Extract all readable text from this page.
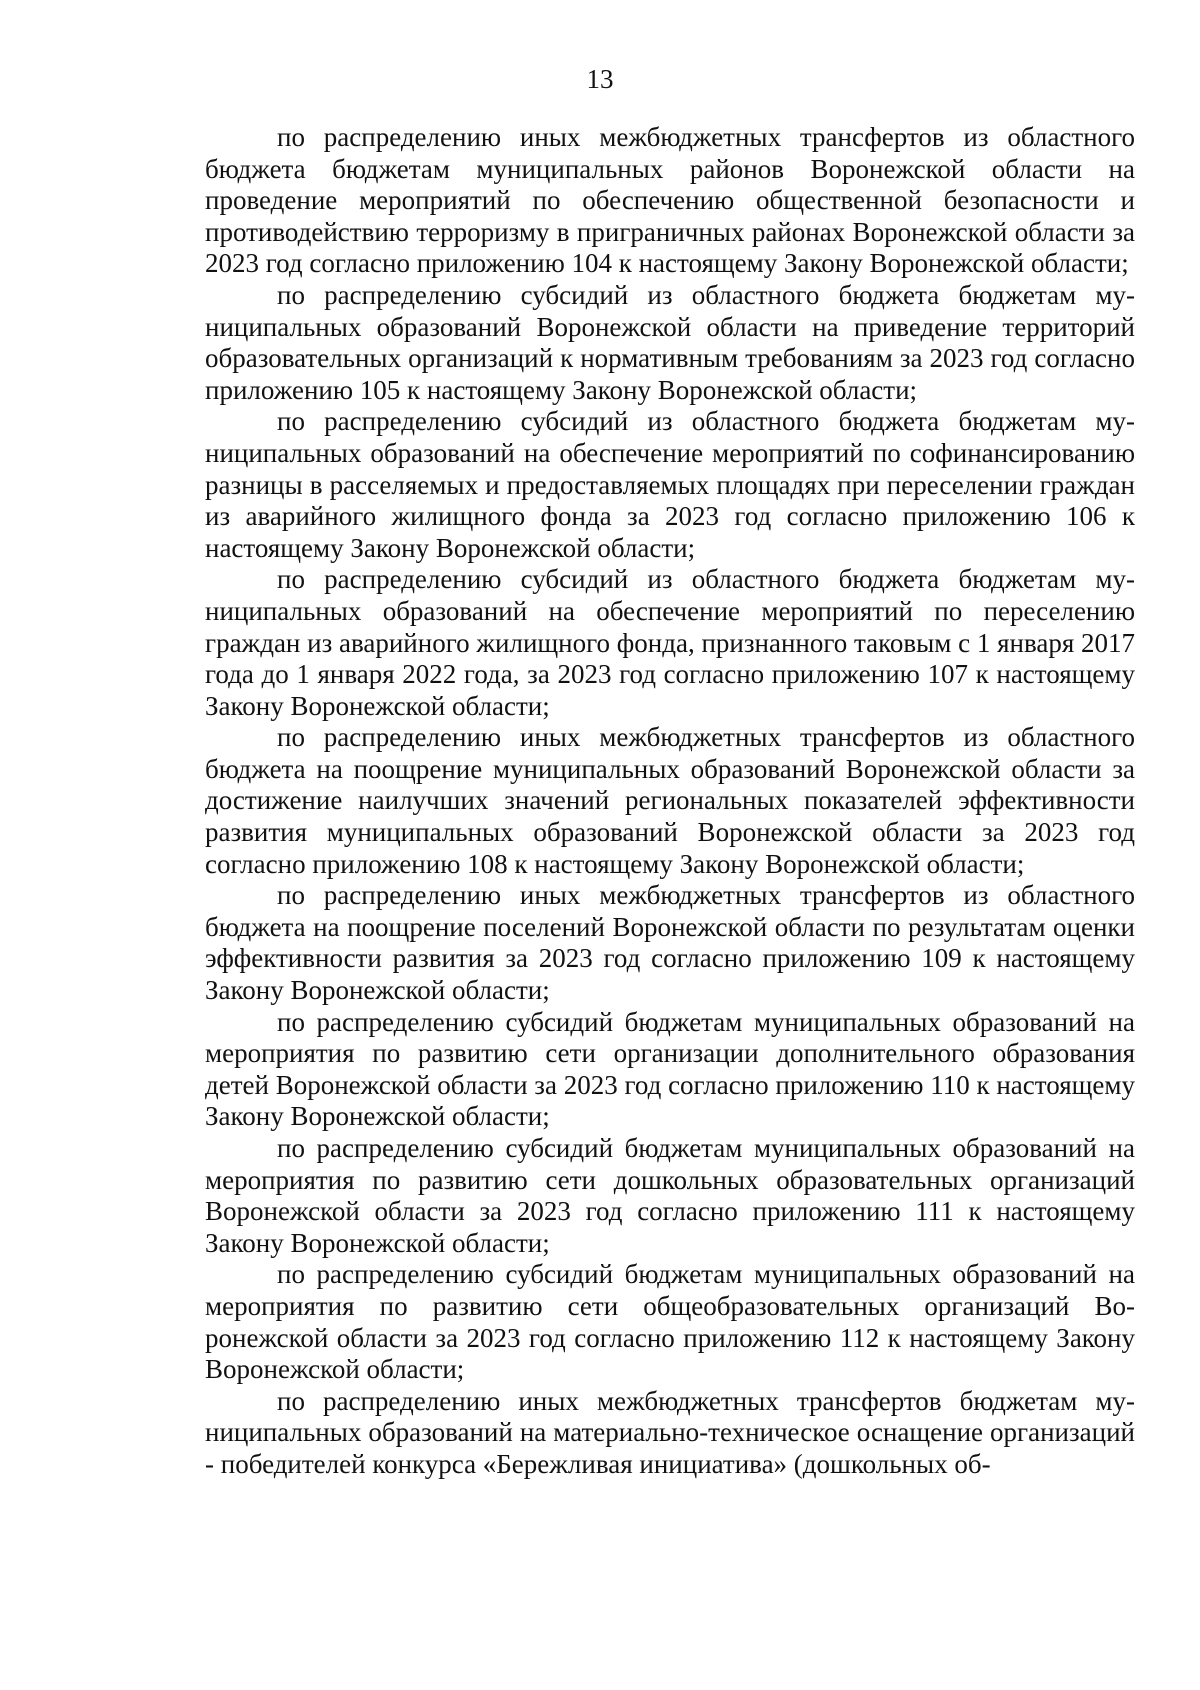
13

по распределению иных межбюджетных трансфертов из областного бюджета бюджетам муниципальных районов Воронежской области на проведение мероприятий по обеспечению общественной безопасности и противодействию терроризму в приграничных районах Воронежской области за 2023 год согласно приложению 104 к настоящему Закону Воронежской области;

по распределению субсидий из областного бюджета бюджетам муниципальных образований Воронежской области на приведение территорий образовательных организаций к нормативным требованиям за 2023 год согласно приложению 105 к настоящему Закону Воронежской области;

по распределению субсидий из областного бюджета бюджетам муниципальных образований на обеспечение мероприятий по софинансированию разницы в расселяемых и предоставляемых площадях при переселении граждан из аварийного жилищного фонда за 2023 год согласно приложению 106 к настоящему Закону Воронежской области;

по распределению субсидий из областного бюджета бюджетам муниципальных образований на обеспечение мероприятий по переселению граждан из аварийного жилищного фонда, признанного таковым с 1 января 2017 года до 1 января 2022 года, за 2023 год согласно приложению 107 к настоящему Закону Воронежской области;

по распределению иных межбюджетных трансфертов из областного бюджета на поощрение муниципальных образований Воронежской области за достижение наилучших значений региональных показателей эффективности развития муниципальных образований Воронежской области за 2023 год согласно приложению 108 к настоящему Закону Воронежской области;

по распределению иных межбюджетных трансфертов из областного бюджета на поощрение поселений Воронежской области по результатам оценки эффективности развития за 2023 год согласно приложению 109 к настоящему Закону Воронежской области;

по распределению субсидий бюджетам муниципальных образований на мероприятия по развитию сети организации дополнительного образования детей Воронежской области за 2023 год согласно приложению 110 к настоящему Закону Воронежской области;

по распределению субсидий бюджетам муниципальных образований на мероприятия по развитию сети дошкольных образовательных организаций Воронежской области за 2023 год согласно приложению 111 к настоящему Закону Воронежской области;

по распределению субсидий бюджетам муниципальных образований на мероприятия по развитию сети общеобразовательных организаций Воронежской области за 2023 год согласно приложению 112 к настоящему Закону Воронежской области;

по распределению иных межбюджетных трансфертов бюджетам муниципальных образований на материально-техническое оснащение организаций - победителей конкурса «Бережливая инициатива» (дошкольных об-
